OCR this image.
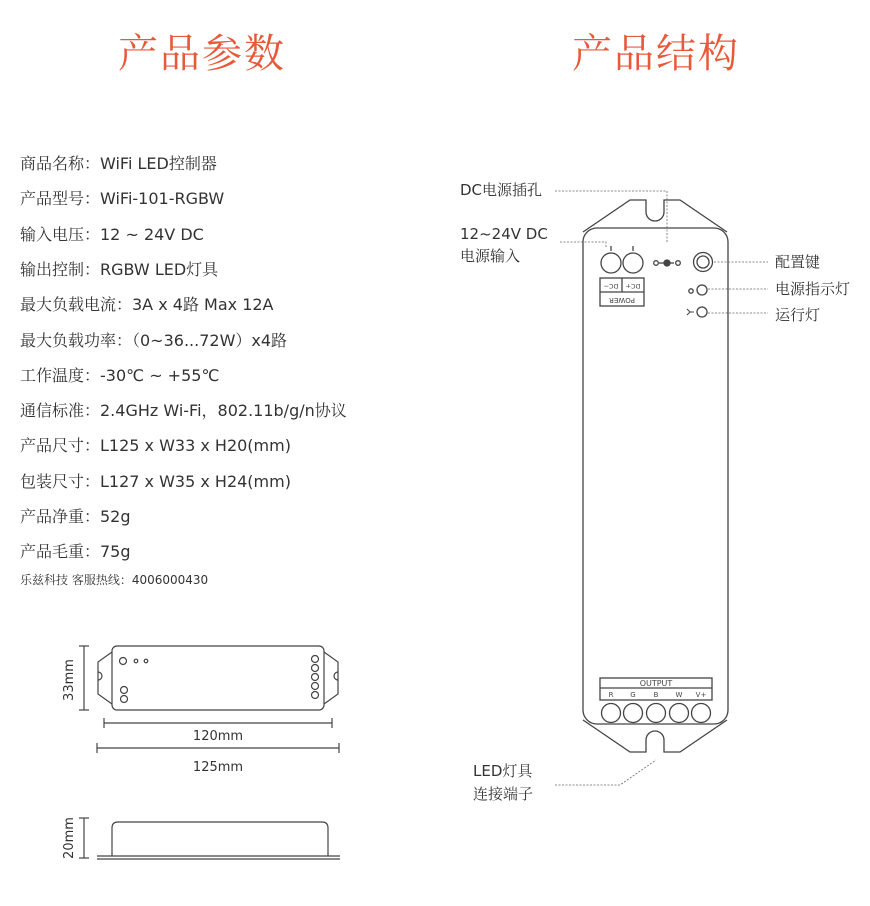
产品参数	产品结构
商品名称：WiFi LED控制器
产品型号：WiFi-101-RGBW
输入电压：12 ~ 24V DC
输出控制：RGBW LED灯具
最大负载电流：3A x 4路 Max 12A
最大负载功率：（0~36...72W）x4路
工作温度：-30℃ ~ +55℃
通信标准：2.4GHz Wi-Fi，802.11b/g/n协议
产品尺寸：L125 x W33 x H20(mm)
包装尺寸：L127 x W35 x H24(mm)
产品净重：52g
产品毛重：75g
乐兹科技 客服热线：4006000430
33mm
120mm
125mm
20mm
POWER
DC− DC+
OUTPUT
R G	B W V+
DC电源插孔
12~24V DC
电源输入	配置键
电源指示灯
运行灯
LED灯具
连接端子
